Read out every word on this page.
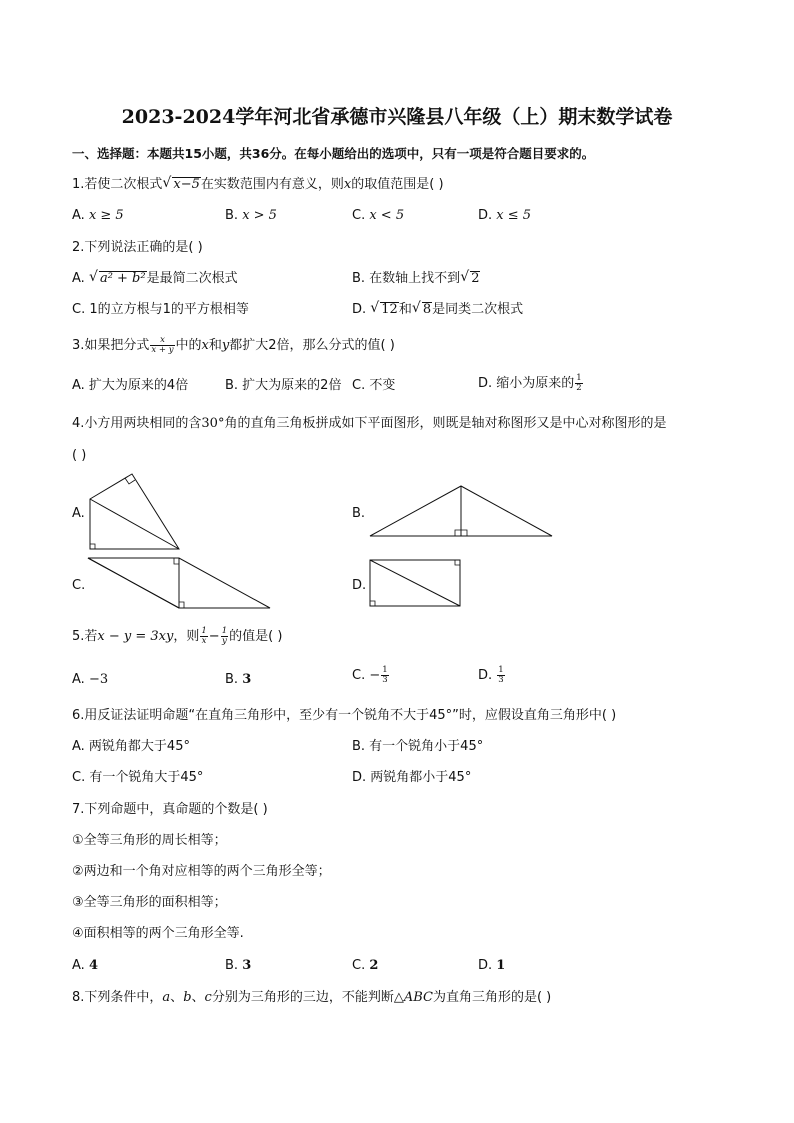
2023-2024学年河北省承德市兴隆县八年级（上）期末数学试卷
一、选择题：本题共15小题，共36分。在每小题给出的选项中，只有一项是符合题目要求的。
1.若使二次根式 √ x−5在实数范围内有意义，则x的取值范围是( )
A. x ≥ 5	B. x > 5	C. x < 5	D. x ≤ 5
2.下列说法正确的是( )
A. √ a² + b²是最简二次根式	B. 在数轴上找不到 √ 2
C. 1的立方根与1的平方根相等	D. √ 12和 √ 8是同类二次根式
3.如果把分式 $\frac{x}{x + y}$ 中的x和y都扩大2倍，那么分式的值( )
A. 扩大为原来的4倍	B. 扩大为原来的2倍 C. 不变	D. 缩小为原来的 $\frac{1}{2}$
4.小方用两块相同的含30°角的直角三角板拼成如下平面图形，则既是轴对称图形又是中心对称图形的是
( )
A.	B.
C.	D.
5.若x − y = 3xy，则 $\frac{1}{x} - \frac{1}{y}$ 的值是( )
A. −3	B. 3	C. − $\frac{1}{3}$	D. $\frac{1}{3}$
6.用反证法证明命题“在直角三角形中，至少有一个锐角不大于45°”时，应假设直角三角形中( )
A. 两锐角都大于45°	B. 有一个锐角小于45°
C. 有一个锐角大于45°	D. 两锐角都小于45°
7.下列命题中，真命题的个数是( )
①全等三角形的周长相等；
②两边和一个角对应相等的两个三角形全等；
③全等三角形的面积相等；
④面积相等的两个三角形全等.
A. 4	B. 3	C. 2	D. 1
8.下列条件中，a、b、c分别为三角形的三边，不能判断△ABC为直角三角形的是( )
